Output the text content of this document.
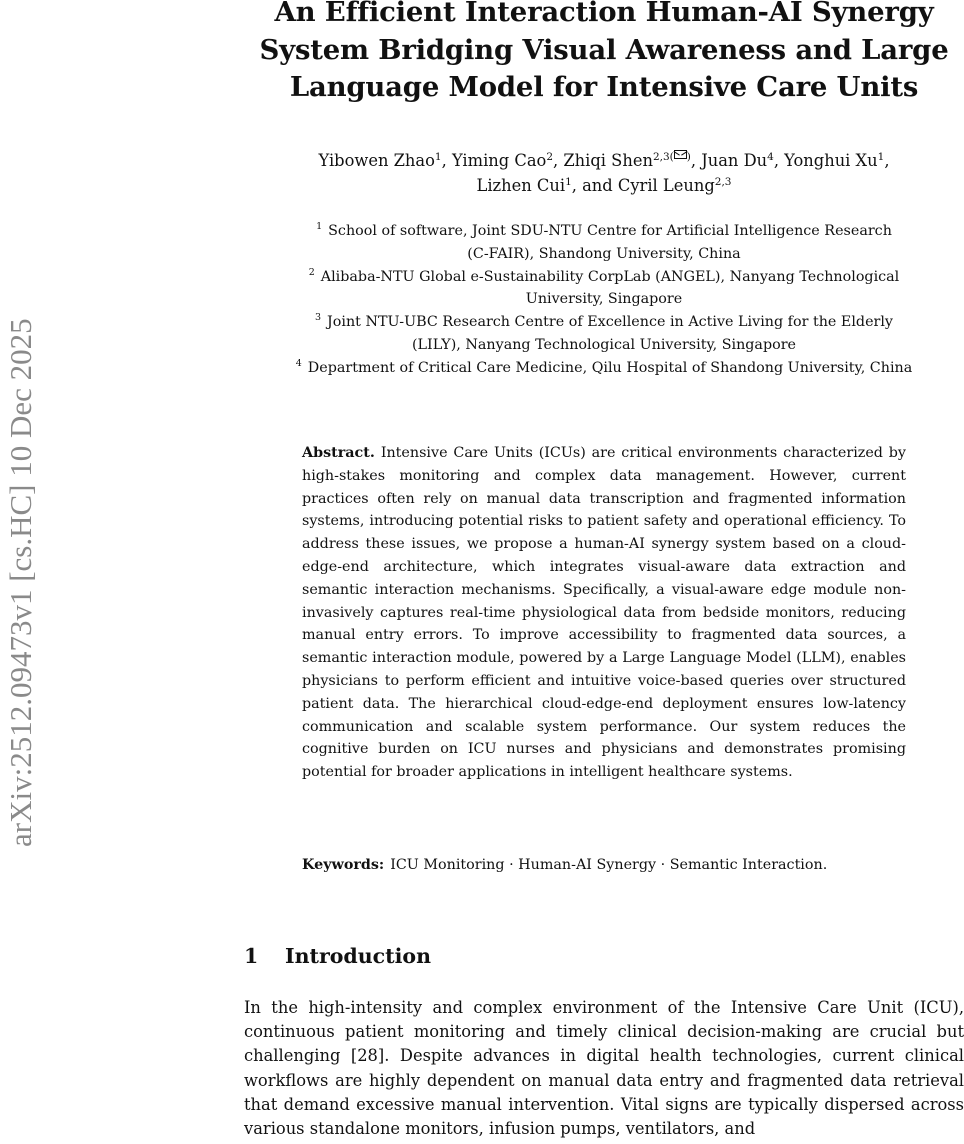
arXiv:2512.09473v1 [cs.HC] 10 Dec 2025
An Efficient Interaction Human-AI Synergy
System Bridging Visual Awareness and Large
Language Model for Intensive Care Units
Yibowen Zhao$^1$, Yiming Cao$^2$, Zhiqi Shen$^{2,3( )}$, Juan Du$^4$, Yonghui Xu$^1$,
Lizhen Cui$^1$, and Cyril Leung$^{2,3}$
$^1$ School of software, Joint SDU-NTU Centre for Artificial Intelligence Research
(C-FAIR), Shandong University, China
$^2$ Alibaba-NTU Global e-Sustainability CorpLab (ANGEL), Nanyang Technological
University, Singapore
$^3$ Joint NTU-UBC Research Centre of Excellence in Active Living for the Elderly
(LILY), Nanyang Technological University, Singapore
$^4$ Department of Critical Care Medicine, Qilu Hospital of Shandong University, China

Abstract. Intensive Care Units (ICUs) are critical environments characterized by high-stakes monitoring and complex data management. However, current practices often rely on manual data transcription and fragmented information systems, introducing potential risks to patient safety and operational efficiency. To address these issues, we propose a human-AI synergy system based on a cloud-edge-end architecture, which integrates visual-aware data extraction and semantic interaction mechanisms. Specifically, a visual-aware edge module non-invasively captures real-time physiological data from bedside monitors, reducing manual entry errors. To improve accessibility to fragmented data sources, a semantic interaction module, powered by a Large Language Model (LLM), enables physicians to perform efficient and intuitive voice-based queries over structured patient data. The hierarchical cloud-edge-end deployment ensures low-latency communication and scalable system performance. Our system reduces the cognitive burden on ICU nurses and physicians and demonstrates promising potential for broader applications in intelligent healthcare systems.

Keywords: ICU Monitoring · Human-AI Synergy · Semantic Interaction.
1 Introduction

In the high-intensity and complex environment of the Intensive Care Unit (ICU), continuous patient monitoring and timely clinical decision-making are crucial but challenging [28]. Despite advances in digital health technologies, current clinical workflows are highly dependent on manual data entry and fragmented data retrieval that demand excessive manual intervention. Vital signs are typically dispersed across various standalone monitors, infusion pumps, ventilators, and
